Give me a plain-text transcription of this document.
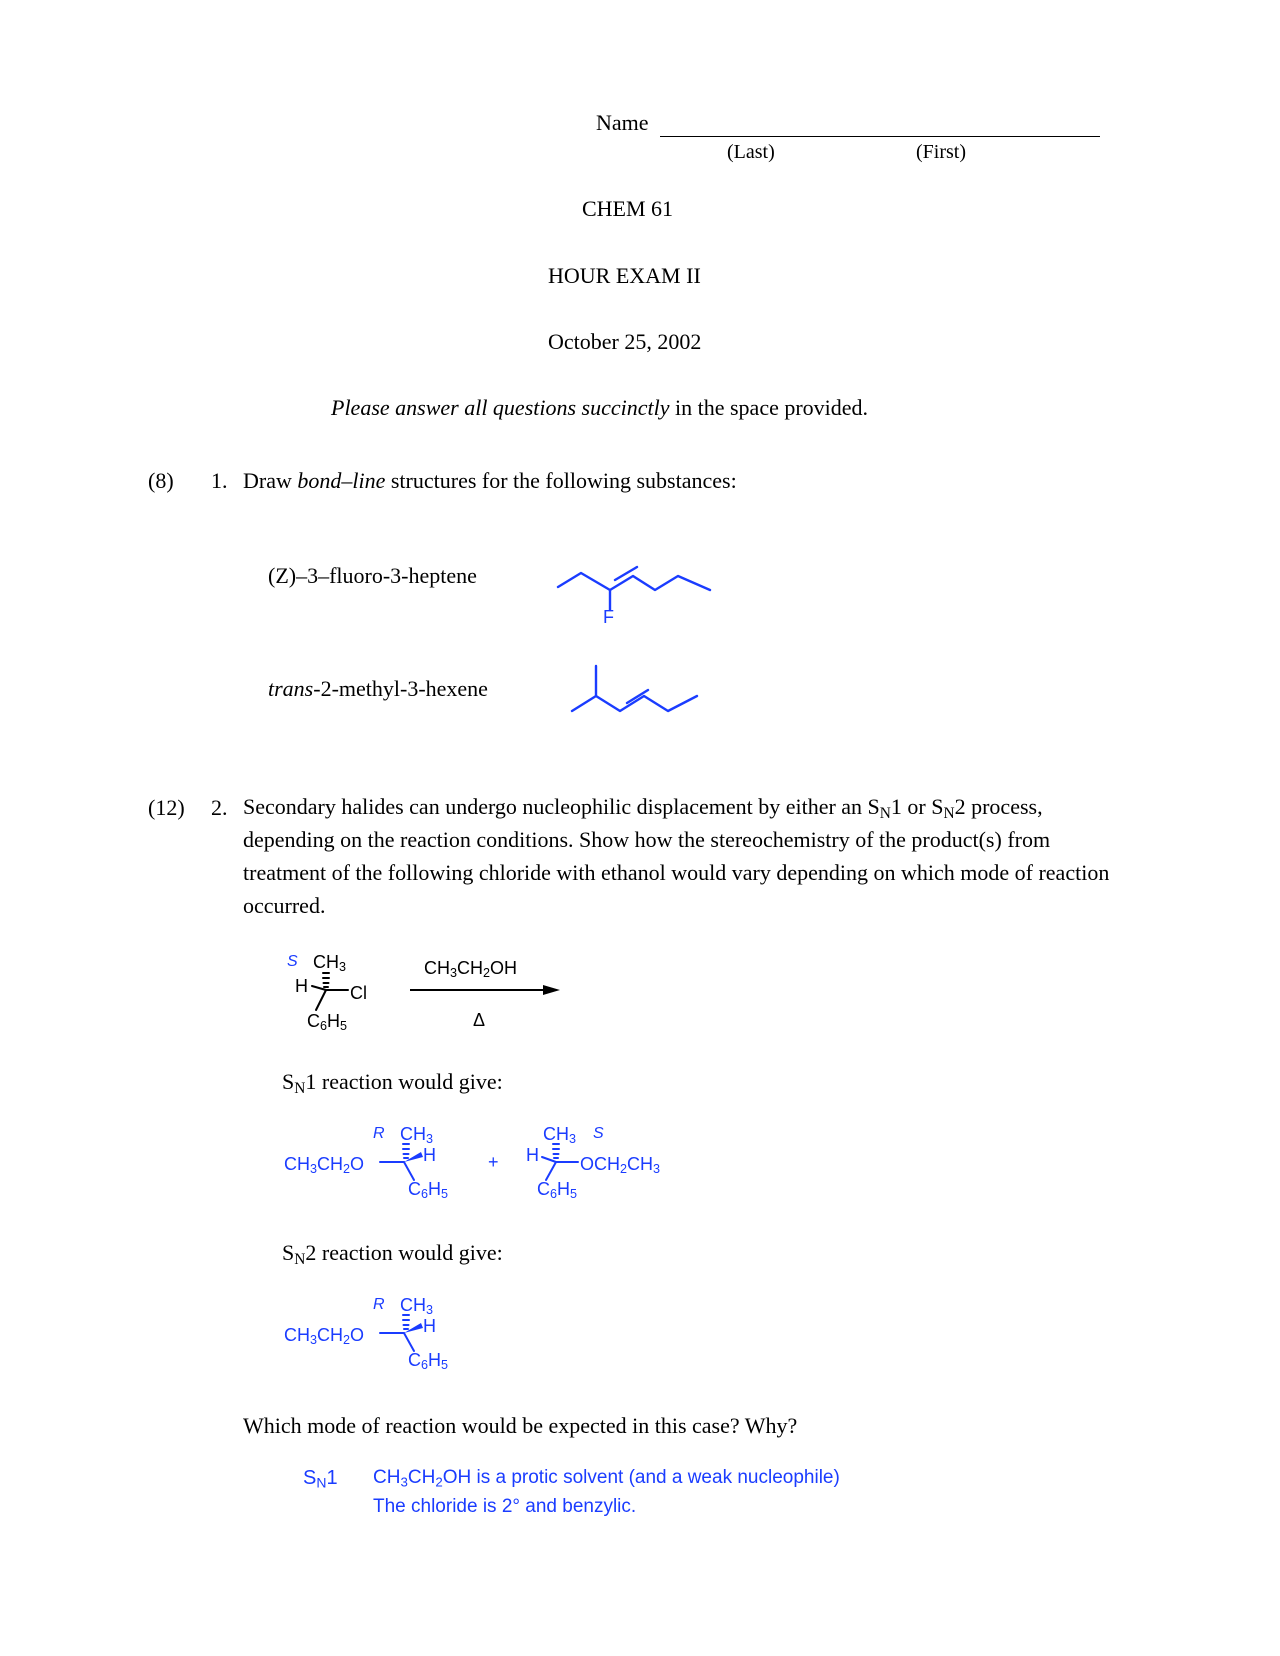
Name
(Last)	(First)
CHEM 61
HOUR EXAM II
October 25, 2002
Please answer all questions succinctly in the space provided.
(8) 1. Draw bond–line structures for the following substances:
(Z)–3–fluoro-3-heptene
F
trans-2-methyl-3-hexene
(12) 2. Secondary halides can undergo nucleophilic displacement by either an $S_N1$ or $S_N2$ process, depending on the reaction conditions. Show how the stereochemistry of the product(s) from treatment of the following chloride with ethanol would vary depending on which mode of reaction occurred.
S $CH_3$
H Cl
$C_6H_5$
$CH_3CH_2OH$
Δ
$S_N1$ reaction would give:
R $CH_3$
$CH_3CH_2O$	H
$C_6H_5$
+
$CH_3$ S
H $OCH_2CH_3$
$C_6H_5$
$S_N2$ reaction would give:
R $CH_3$
$CH_3CH_2O$	H
$C_6H_5$
Which mode of reaction would be expected in this case? Why?
$S_N1$ $CH_3CH_2OH$ is a protic solvent (and a weak nucleophile)
The chloride is 2° and benzylic.
